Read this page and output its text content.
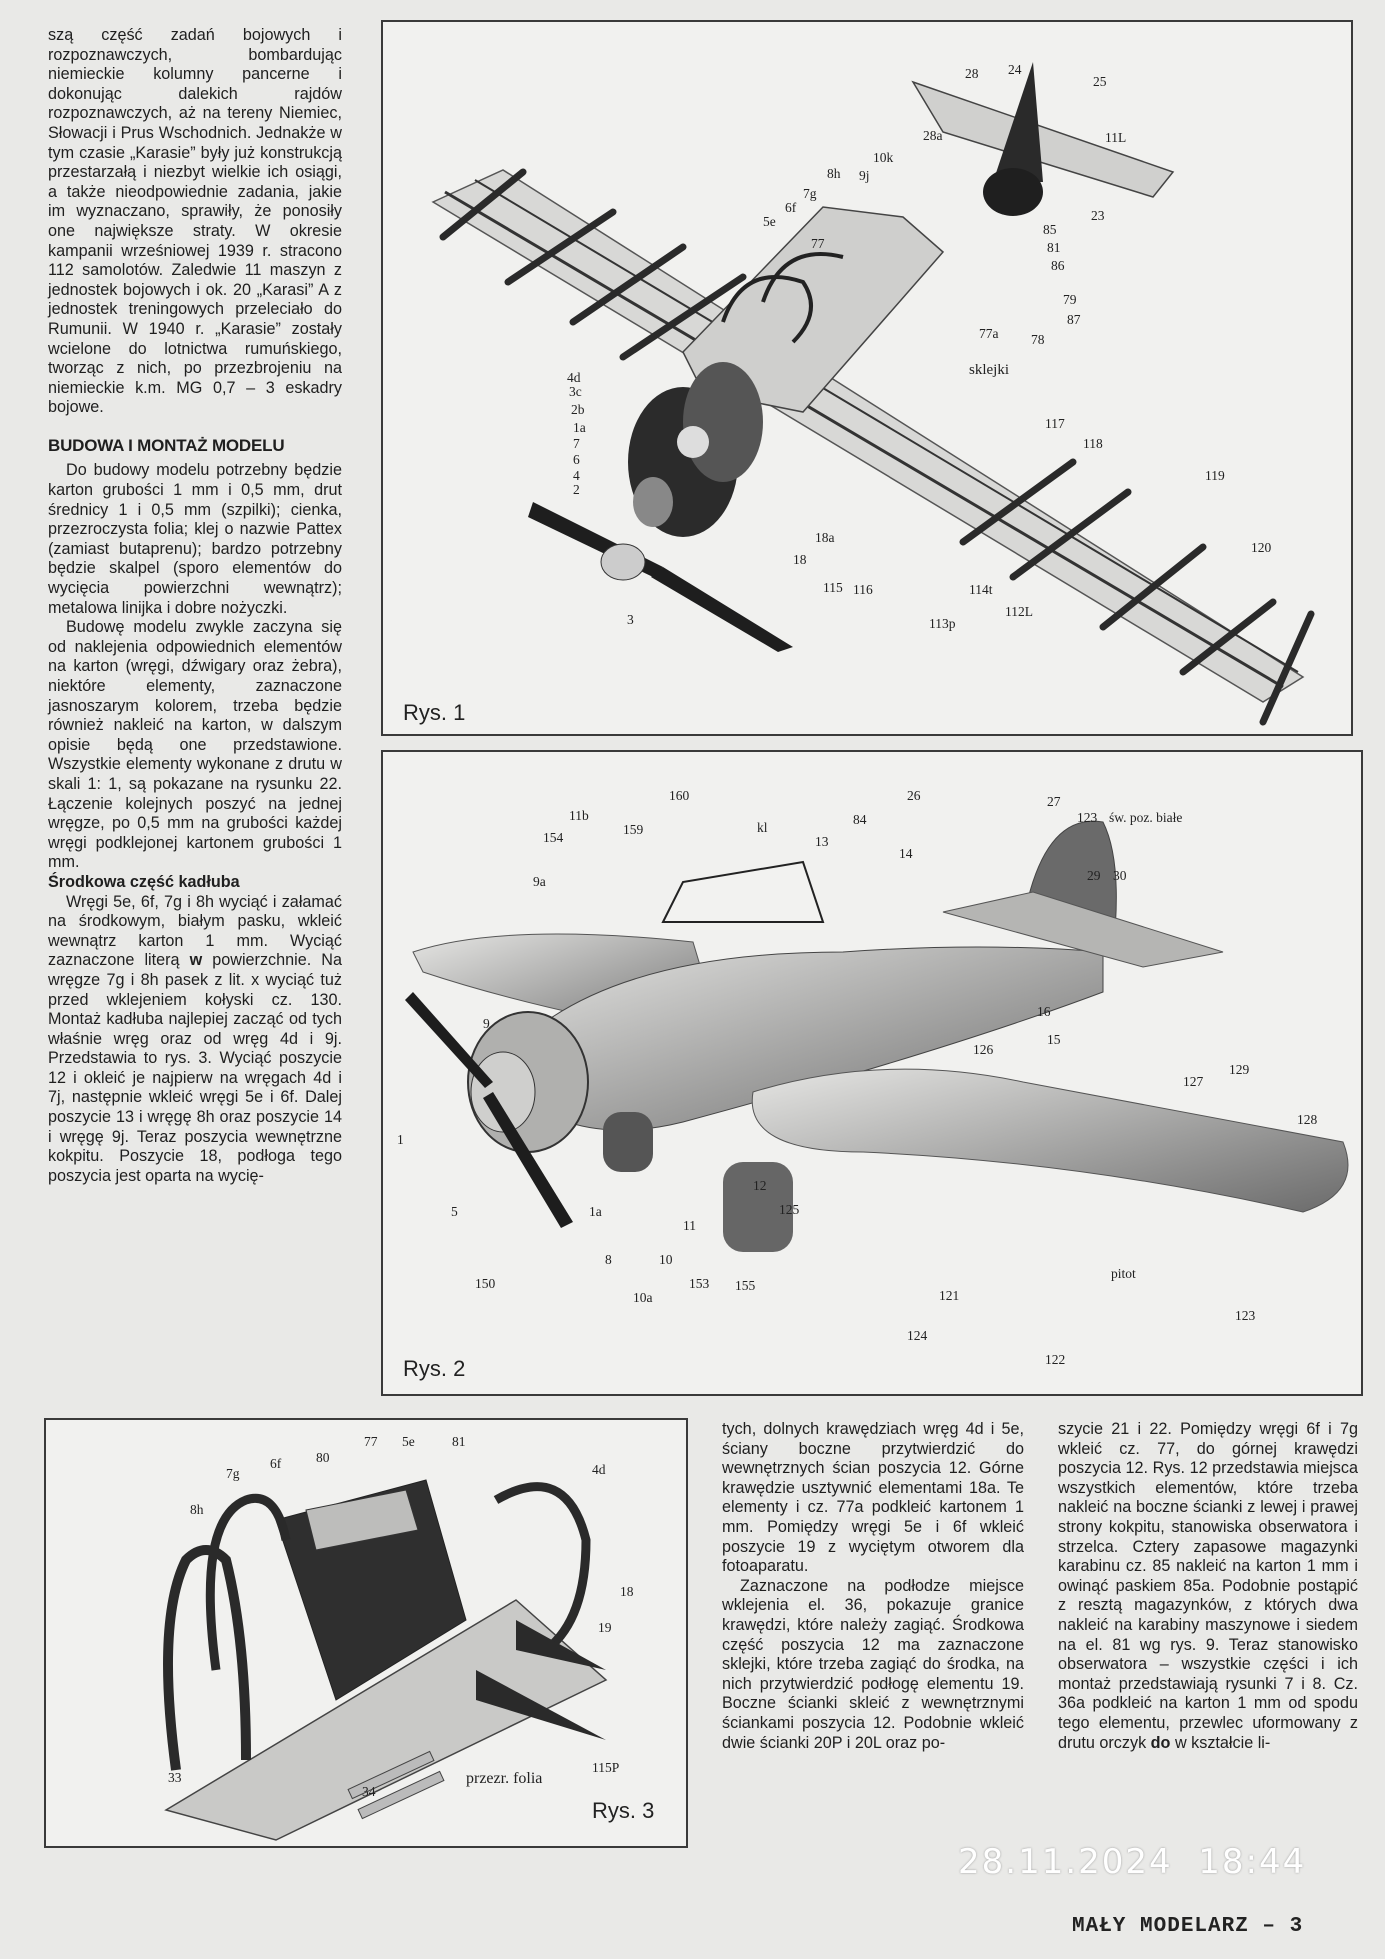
szą część zadań bojowych i rozpoznawczych, bombardując niemieckie kolumny pancerne i dokonując dalekich rajdów rozpoznawczych, aż na tereny Niemiec, Słowacji i Prus Wschodnich. Jednakże w tym czasie „Karasie” były już konstrukcją przestarzałą i niezbyt wielkie ich osiągi, a także nieodpowiednie zadania, jakie im wyznaczano, sprawiły, że ponosiły one największe straty. W okresie kampanii wrześniowej 1939 r. stracono 112 samolotów. Zaledwie 11 maszyn z jednostek bojowych i ok. 20 „Karasi” A z jednostek treningowych przeleciało do Rumunii. W 1940 r. „Karasie” zostały wcielone do lotnictwa rumuńskiego, tworząc z nich, po przezbrojeniu na niemieckie k.m. MG 0,7 – 3 eskadry bojowe.

BUDOWA I MONTAŻ MODELU

Do budowy modelu potrzebny będzie karton grubości 1 mm i 0,5 mm, drut średnicy 1 i 0,5 mm (szpilki); cienka, przezroczysta folia; klej o nazwie Pattex (zamiast butaprenu); bardzo potrzebny będzie skalpel (sporo elementów do wycięcia powierzchni wewnątrz); metalowa linijka i dobre nożyczki.

Budowę modelu zwykle zaczyna się od naklejenia odpowiednich elementów na karton (wręgi, dźwigary oraz żebra), niektóre elementy, zaznaczone jasnoszarym kolorem, trzeba będzie również nakleić na karton, w dalszym opisie będą one przedstawione. Wszystkie elementy wykonane z drutu w skali 1: 1, są pokazane na rysunku 22. Łączenie kolejnych poszyć na jednej wręgze, po 0,5 mm na grubości każdej wręgi podklejonej kartonem grubości 1 mm.

Środkowa część kadłuba

Wręgi 5e, 6f, 7g i 8h wyciąć i załamać na środkowym, białym pasku, wkleić wewnątrz karton 1 mm. Wyciąć zaznaczone literą w powierzchnie. Na wręgze 7g i 8h pasek z lit. x wyciąć tuż przed wklejeniem kołyski cz. 130. Montaż kadłuba najlepiej zacząć od tych właśnie wręg oraz od wręg 4d i 9j. Przedstawia to rys. 3. Wyciąć poszycie 12 i okleić je najpierw na wręgach 4d i 7j, następnie wkleić wręgi 5e i 6f. Dalej poszycie 13 i wręgę 8h oraz poszycie 14 i wręgę 9j. Teraz poszycia wewnętrzne kokpitu. Poszycie 18, podłoga tego poszycia jest oparta na wycię-

28 24
25
28a	11L
10k
8h 9j
7g
6f
5e
77
23
85
81
86
79
87
77a 78
sklejki
4d
3c
2b
1a
7
6
4
2
18a
18
115 116
113p
114t
112L
117
118
119
120
3
Rys. 1
160
11b
154
159	kl
13
84
26	27
123 św. poz. białe
14
9a	29 30
9
16
15
126
127
129
128
1
5
150
8
1a
10
10a
11
153 155
12
125
121
124
122
pitot
123
Rys. 2
77 5e	81
80
6f
7g
8h
4d
18
19
33
34
przezr. folia
115P
Rys. 3

tych, dolnych krawędziach wręg 4d i 5e, ściany boczne przytwierdzić do wewnętrznych ścian poszycia 12. Górne krawędzie usztywnić elementami 18a. Te elementy i cz. 77a podkleić kartonem 1 mm. Pomiędzy wręgi 5e i 6f wkleić poszycie 19 z wyciętym otworem dla fotoaparatu.

Zaznaczone na podłodze miejsce wklejenia el. 36, pokazuje granice krawędzi, które należy zagiąć. Środkowa część poszycia 12 ma zaznaczone sklejki, które trzeba zagiąć do środka, na nich przytwierdzić podłogę elementu 19. Boczne ścianki skleić z wewnętrznymi ściankami poszycia 12. Podobnie wkleić dwie ścianki 20P i 20L oraz po-

szycie 21 i 22. Pomiędzy wręgi 6f i 7g wkleić cz. 77, do górnej krawędzi poszycia 12. Rys. 12 przedstawia miejsca wszystkich elementów, które trzeba nakleić na boczne ścianki z lewej i prawej strony kokpitu, stanowiska obserwatora i strzelca. Cztery zapasowe magazynki karabinu cz. 85 nakleić na karton 1 mm i owinąć paskiem 85a. Podobnie postąpić z resztą magazynków, z których dwa nakleić na karabiny maszynowe i siedem na el. 81 wg rys. 9. Teraz stanowisko obserwatora – wszystkie części i ich montaż przedstawiają rysunki 7 i 8. Cz. 36a podkleić na karton 1 mm od spodu tego elementu, przewlec uformowany z drutu orczyk do w kształcie li-

28.11.2024  18:44
MAŁY MODELARZ – 3
